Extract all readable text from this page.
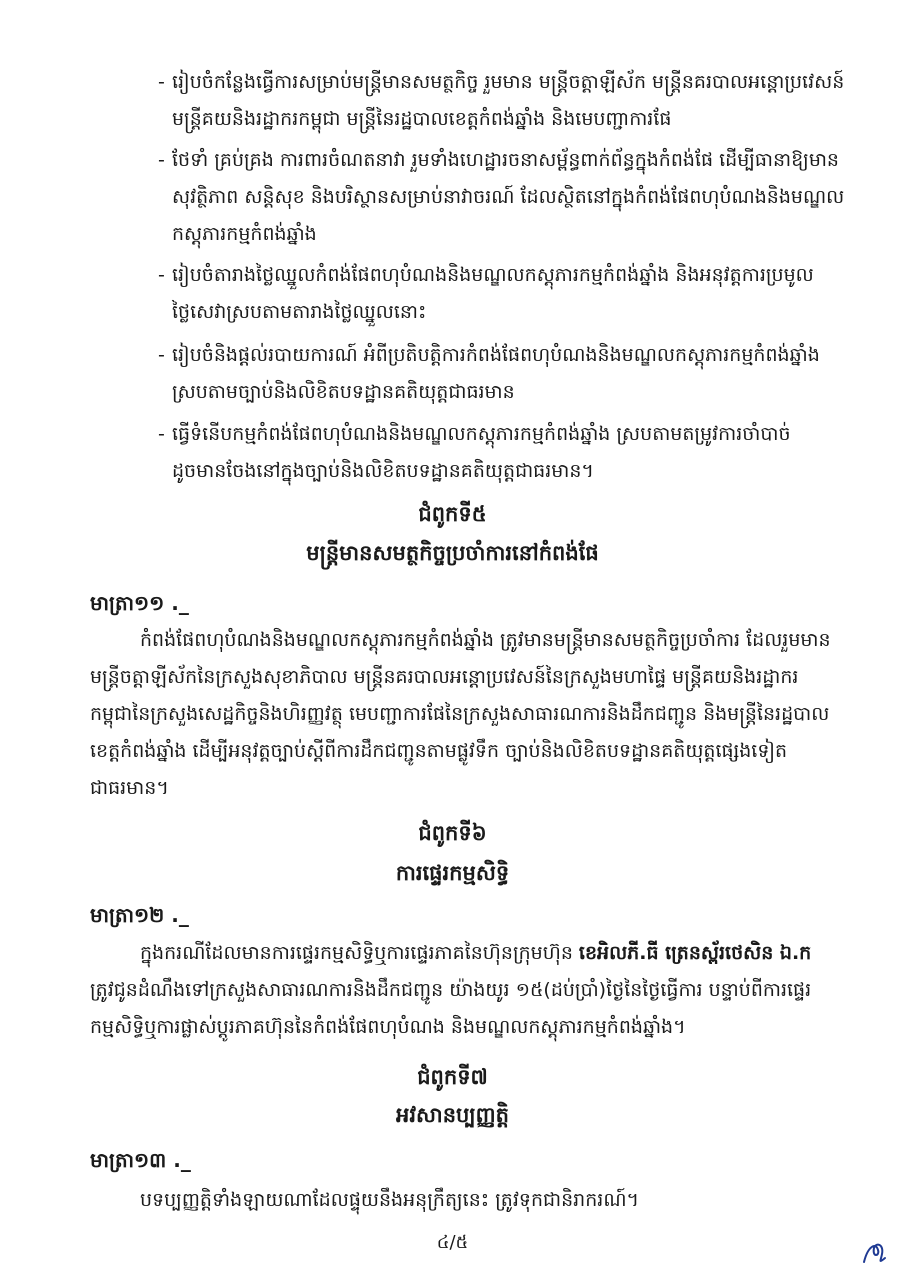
- រៀបចំកន្លែងធ្វើការសម្រាប់មន្ត្រីមានសមត្ថកិច្ច រួមមាន មន្ត្រីចត្តាឡីស័ក មន្ត្រីនគរបាលអន្តោប្រវេសន៍
មន្ត្រីគយនិងរដ្ឋាករកម្ពុជា មន្ត្រីនៃរដ្ឋបាលខេត្តកំពង់ឆ្នាំង និងមេបញ្ជាការផែ
- ថែទាំ គ្រប់គ្រង ការពារចំណតនាវា រួមទាំងហេដ្ឋារចនាសម្ព័ន្ធពាក់ព័ន្ធក្នុងកំពង់ផែ ដើម្បីធានាឱ្យមាន
សុវត្ថិភាព សន្តិសុខ និងបរិស្ថានសម្រាប់នាវាចរណ៍ ដែលស្ថិតនៅក្នុងកំពង់ផែពហុបំណងនិងមណ្ឌល
កស្តុភារកម្មកំពង់ឆ្នាំង
- រៀបចំតារាងថ្លៃឈ្នួលកំពង់ផែពហុបំណងនិងមណ្ឌលកស្តុភារកម្មកំពង់ឆ្នាំង និងអនុវត្តការប្រមូល
ថ្លៃសេវាស្របតាមតារាងថ្លៃឈ្នួលនោះ
- រៀបចំនិងផ្តល់របាយការណ៍ អំពីប្រតិបត្តិការកំពង់ផែពហុបំណងនិងមណ្ឌលកស្តុភារកម្មកំពង់ឆ្នាំង
ស្របតាមច្បាប់និងលិខិតបទដ្ឋានគតិយុត្តជាធរមាន
- ធ្វើទំនើបកម្មកំពង់ផែពហុបំណងនិងមណ្ឌលកស្តុភារកម្មកំពង់ឆ្នាំង ស្របតាមតម្រូវការចាំបាច់
ដូចមានចែងនៅក្នុងច្បាប់និងលិខិតបទដ្ឋានគតិយុត្តជាធរមាន។
ជំពូកទី៥
មន្ត្រីមានសមត្ថកិច្ចប្រចាំការនៅកំពង់ផែ
មាត្រា១១ ._
កំពង់ផែពហុបំណងនិងមណ្ឌលកស្តុភារកម្មកំពង់ឆ្នាំង ត្រូវមានមន្ត្រីមានសមត្ថកិច្ចប្រចាំការ ដែលរួមមាន
មន្ត្រីចត្តាឡីស័កនៃក្រសួងសុខាភិបាល មន្ត្រីនគរបាលអន្តោប្រវេសន៍នៃក្រសួងមហាផ្ទៃ មន្ត្រីគយនិងរដ្ឋាករ
កម្ពុជានៃក្រសួងសេដ្ឋកិច្ចនិងហិរញ្ញវត្ថុ មេបញ្ជាការផែនៃក្រសួងសាធារណការនិងដឹកជញ្ជូន និងមន្ត្រីនៃរដ្ឋបាល
ខេត្តកំពង់ឆ្នាំង ដើម្បីអនុវត្តច្បាប់ស្តីពីការដឹកជញ្ជូនតាមផ្លូវទឹក ច្បាប់និងលិខិតបទដ្ឋានគតិយុត្តផ្សេងទៀត
ជាធរមាន។
ជំពូកទី៦
ការផ្ទេរកម្មសិទ្ធិ
មាត្រា១២ ._
ក្នុងករណីដែលមានការផ្ទេរកម្មសិទ្ធិឬការផ្ទេរភាគនៃហ៊ុនក្រុមហ៊ុន ខេអិលភី.ធី ត្រេនស្ព័រថេសិន ឯ.ក
ត្រូវជូនដំណឹងទៅក្រសួងសាធារណការនិងដឹកជញ្ជូន យ៉ាងយូរ ១៥(ដប់ប្រាំ)ថ្ងៃនៃថ្ងៃធ្វើការ បន្ទាប់ពីការផ្ទេរ
កម្មសិទ្ធិឬការផ្លាស់ប្តូរភាគហ៊ុននៃកំពង់ផែពហុបំណង និងមណ្ឌលកស្តុភារកម្មកំពង់ឆ្នាំង។
ជំពូកទី៧
អវសានប្បញ្ញត្តិ
មាត្រា១៣ ._
បទប្បញ្ញត្តិទាំងឡាយណាដែលផ្ទុយនឹងអនុក្រឹត្យនេះ ត្រូវទុកជានិរាករណ៍។
៤/៥
